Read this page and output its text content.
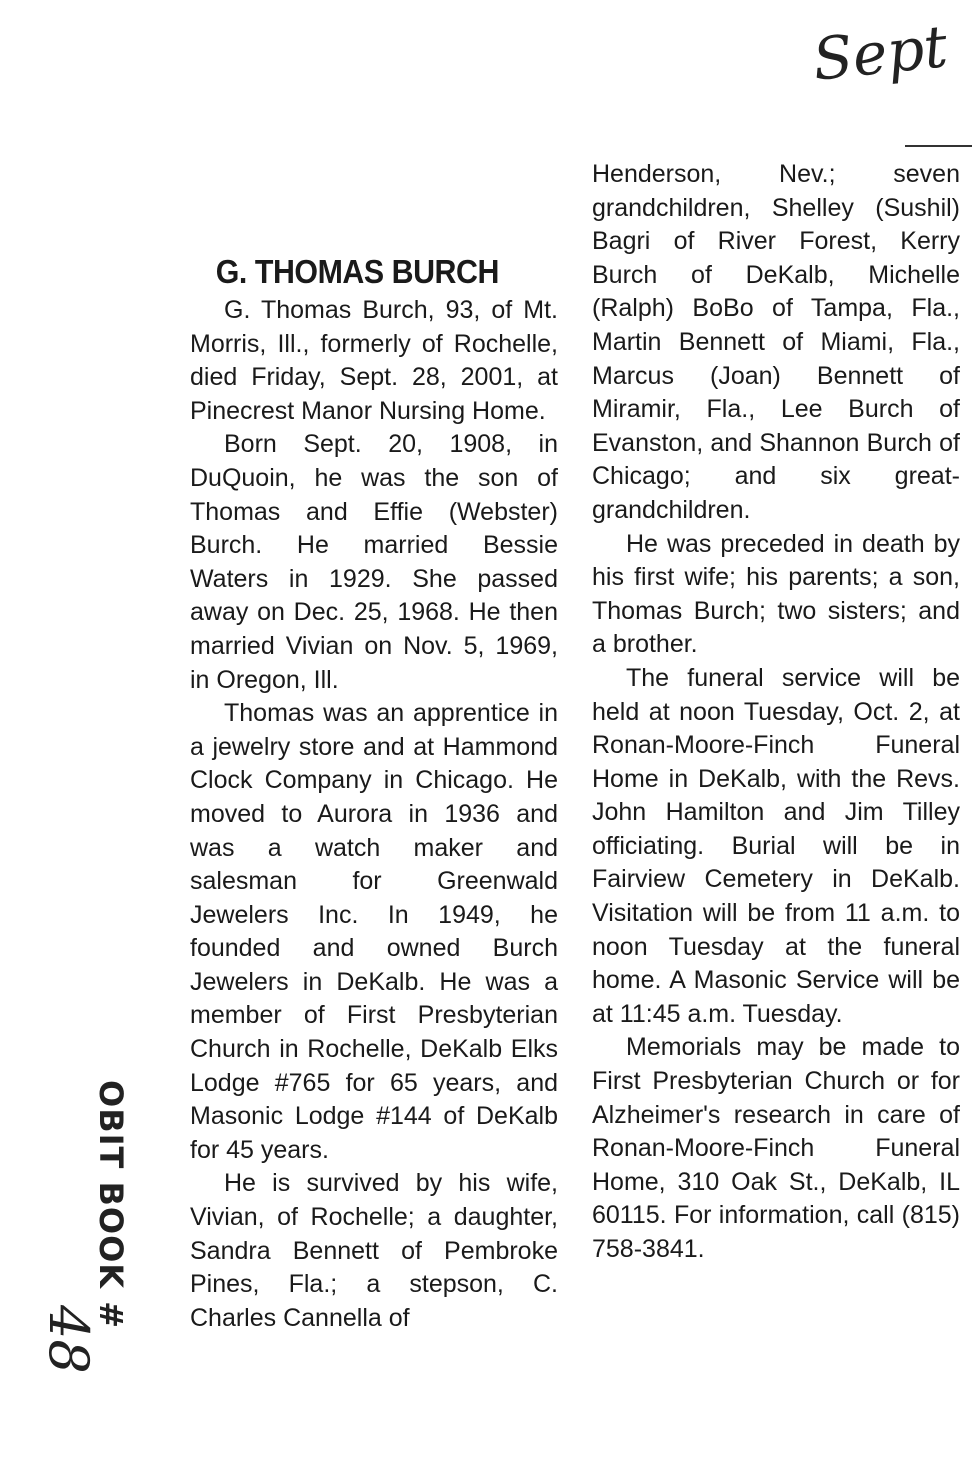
Sept
G. THOMAS BURCH

G. Thomas Burch, 93, of Mt. Morris, Ill., formerly of Rochelle, died Friday, Sept. 28, 2001, at Pinecrest Manor Nursing Home.

Born Sept. 20, 1908, in DuQuoin, he was the son of Thomas and Effie (Webster) Burch. He married Bessie Waters in 1929. She passed away on Dec. 25, 1968. He then married Vivian on Nov. 5, 1969, in Oregon, Ill.

Thomas was an apprentice in a jewelry store and at Hammond Clock Company in Chicago. He moved to Aurora in 1936 and was a watch maker and salesman for Greenwald Jewelers Inc. In 1949, he founded and owned Burch Jewelers in DeKalb. He was a member of First Presbyterian Church in Rochelle, DeKalb Elks Lodge #765 for 65 years, and Masonic Lodge #144 of DeKalb for 45 years.

He is survived by his wife, Vivian, of Rochelle; a daughter, Sandra Bennett of Pembroke Pines, Fla.; a stepson, C. Charles Cannella of

Henderson, Nev.; seven grandchildren, Shelley (Sushil) Bagri of River Forest, Kerry Burch of DeKalb, Michelle (Ralph) BoBo of Tampa, Fla., Martin Bennett of Miami, Fla., Marcus (Joan) Bennett of Miramir, Fla., Lee Burch of Evanston, and Shannon Burch of Chicago; and six great-grandchildren.

He was preceded in death by his first wife; his parents; a son, Thomas Burch; two sisters; and a brother.

The funeral service will be held at noon Tuesday, Oct. 2, at Ronan-Moore-Finch Funeral Home in DeKalb, with the Revs. John Hamilton and Jim Tilley officiating. Burial will be in Fairview Cemetery in DeKalb. Visitation will be from 11 a.m. to noon Tuesday at the funeral home. A Masonic Service will be at 11:45 a.m. Tuesday.

Memorials may be made to First Presbyterian Church or for Alzheimer's research in care of Ronan-Moore-Finch Funeral Home, 310 Oak St., DeKalb, IL 60115. For information, call (815) 758-3841.

OBIT BOOK #
48
